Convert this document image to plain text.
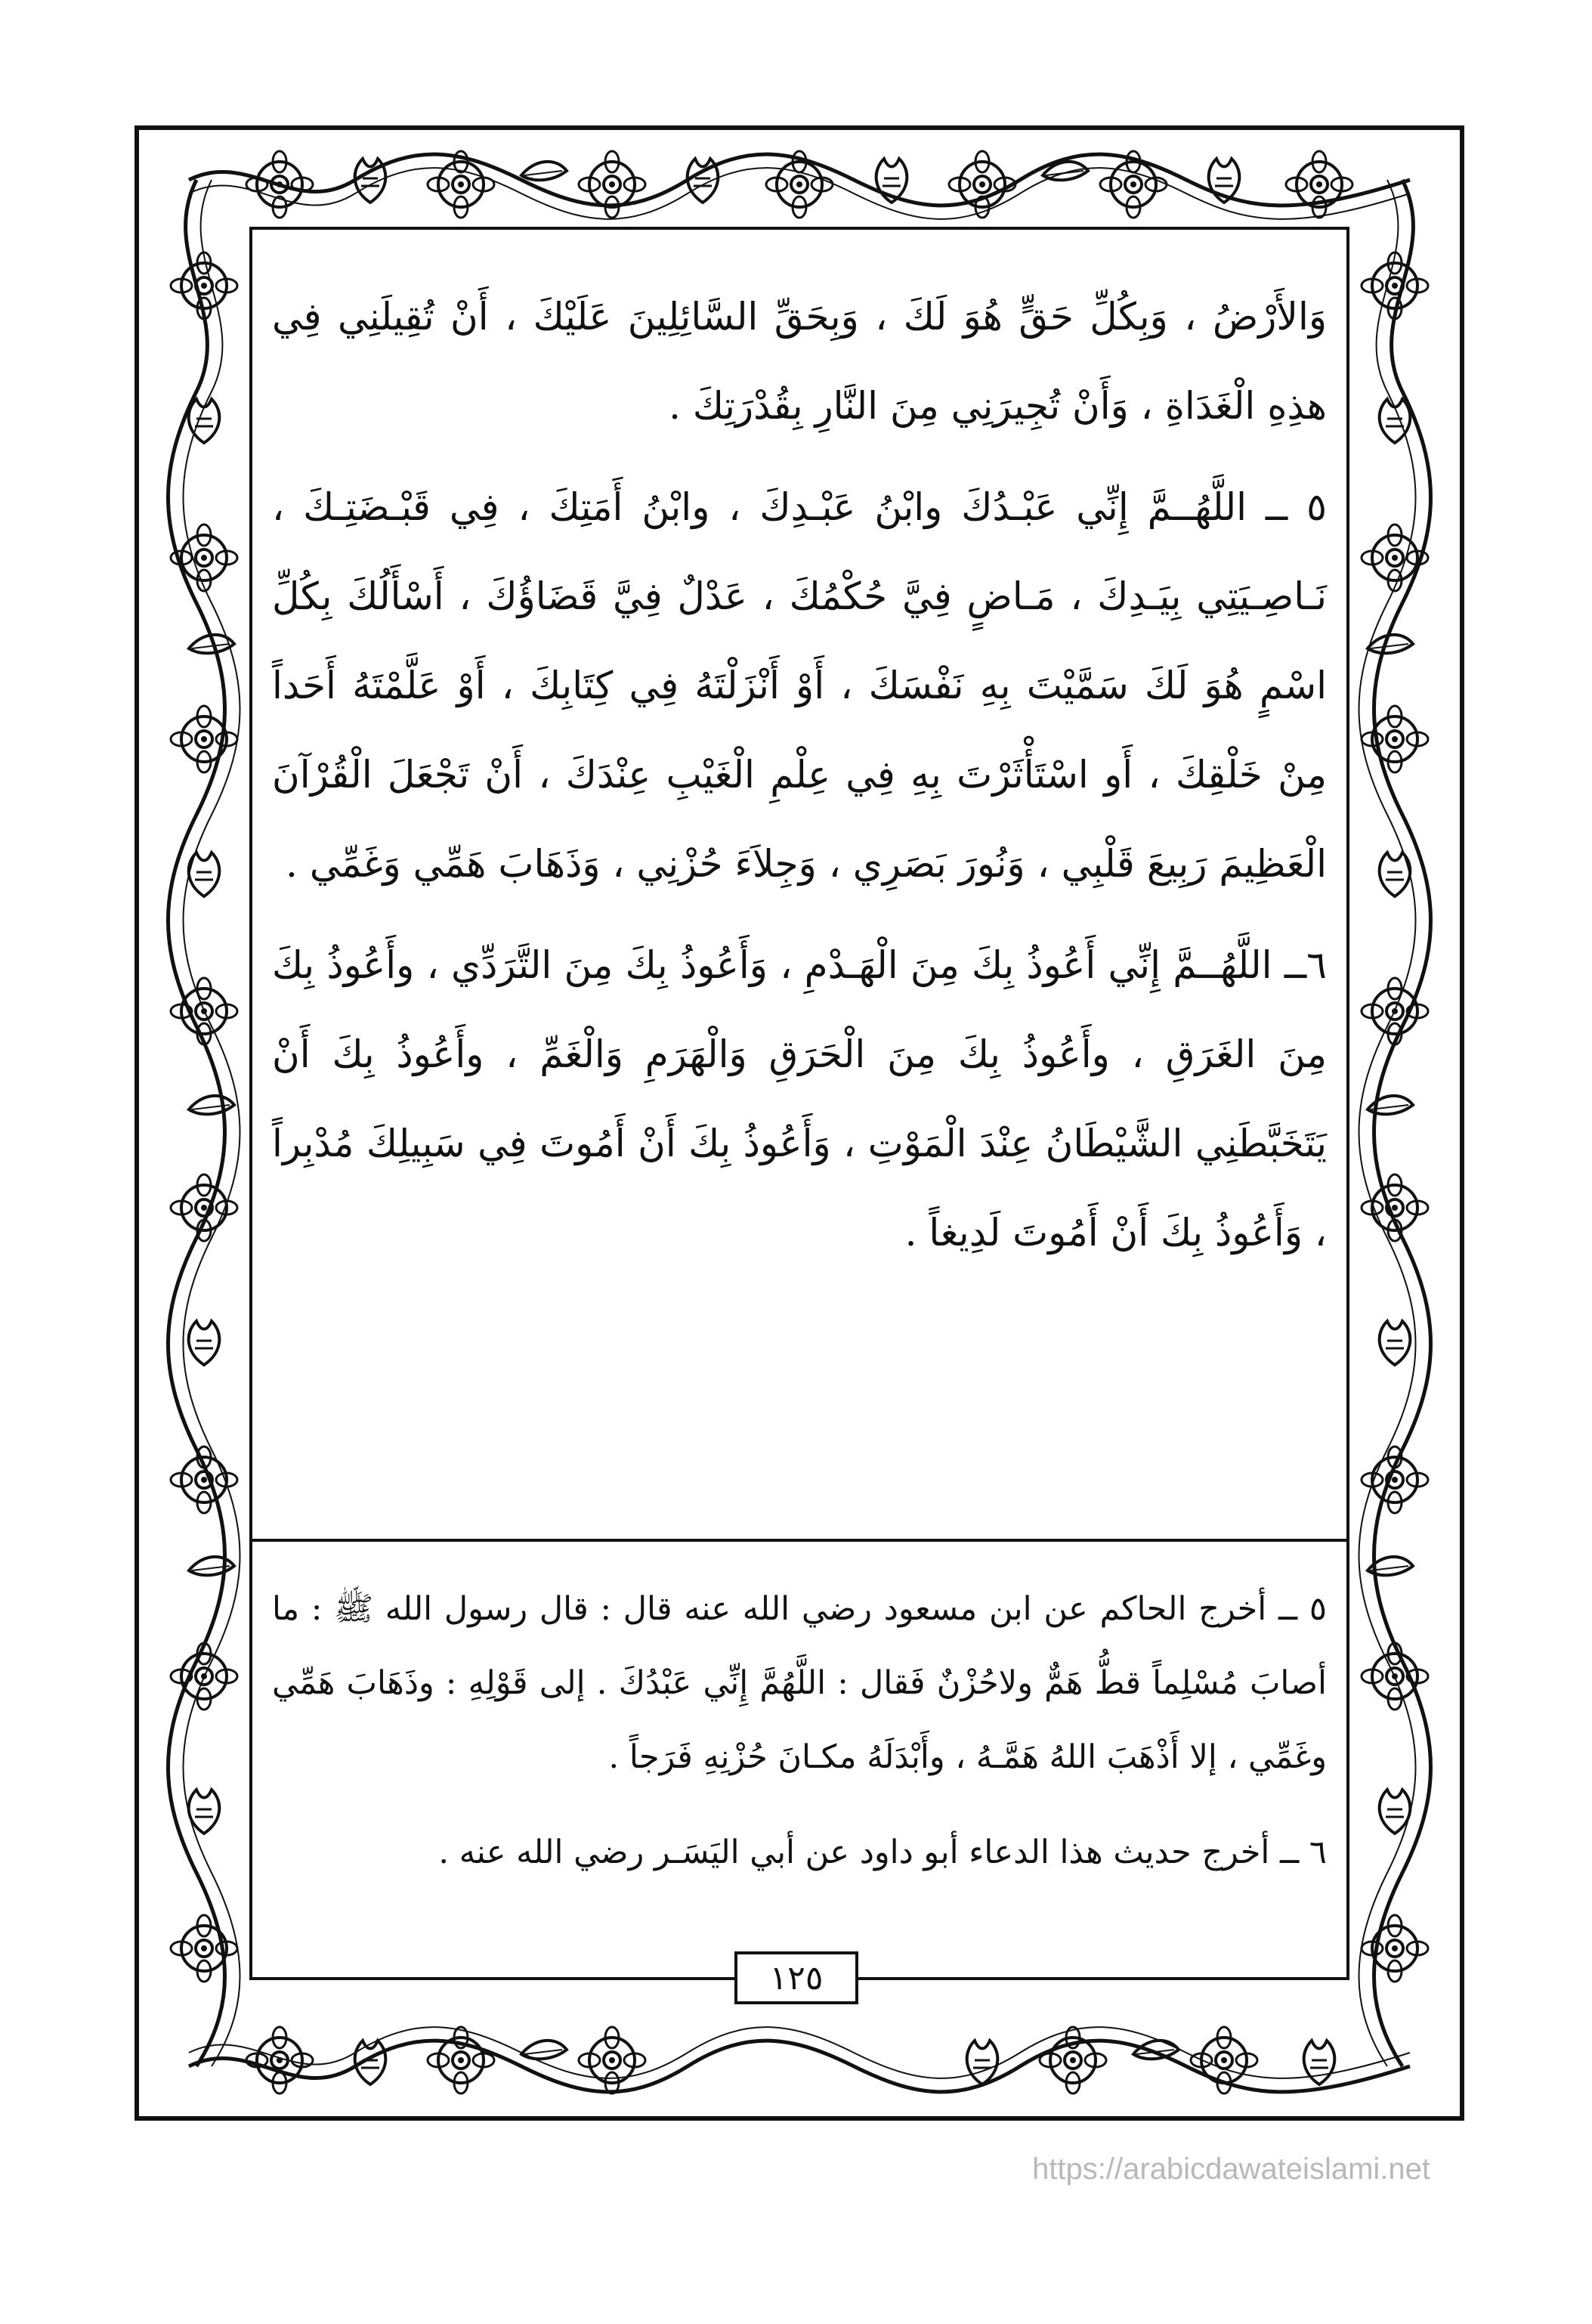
وَالأَرْضُ ، وَبِكُلِّ حَقٍّ هُوَ لَكَ ، وَبِحَقِّ السَّائِلِينَ عَلَيْكَ ، أَنْ تُقِيلَنِي فِي هذِهِ الْغَدَاةِ ، وَأَنْ تُجِيرَنِي مِنَ النَّارِ بِقُدْرَتِكَ .

٥ ــ اللَّهُــمَّ إِنِّي عَبْـدُكَ وابْنُ عَبْـدِكَ ، وابْنُ أَمَتِكَ ، فِي قَبْـضَتِـكَ ، نَـاصِـيَتِي بِيَـدِكَ ، مَـاضٍ فِيَّ حُكْمُكَ ، عَدْلٌ فِيَّ قَضَاؤُكَ ، أَسْأَلُكَ بِكُلِّ اسْمٍ هُوَ لَكَ سَمَّيْتَ بِهِ نَفْسَكَ ، أَوْ أَنْزَلْتَهُ فِي كِتَابِكَ ، أَوْ عَلَّمْتَهُ أَحَداً مِنْ خَلْقِكَ ، أَو اسْتَأْثَرْتَ بِهِ فِي عِلْمِ الْغَيْبِ عِنْدَكَ ، أَنْ تَجْعَلَ الْقُرْآنَ الْعَظِيمَ رَبِيعَ قَلْبِي ، وَنُورَ بَصَرِي ، وَجِلاَءَ حُزْنِي ، وَذَهَابَ هَمِّي وَغَمِّي .

٦ــ اللَّهُــمَّ إِنِّي أَعُوذُ بِكَ مِنَ الْهَـدْمِ ، وَأَعُوذُ بِكَ مِنَ التَّرَدِّي ، وأَعُوذُ بِكَ مِنَ الغَرَقِ ، وأَعُوذُ بِكَ مِنَ الْحَرَقِ وَالْهَرَمِ وَالْغَمِّ ، وأَعُوذُ بِكَ أَنْ يَتَخَبَّطَنِي الشَّيْطَانُ عِنْدَ الْمَوْتِ ، وَأَعُوذُ بِكَ أَنْ أَمُوتَ فِي سَبِيلِكَ مُدْبِراً ، وَأَعُوذُ بِكَ أَنْ أَمُوتَ لَدِيغاً .

٥ ــ أخرج الحاكم عن ابن مسعود رضي الله عنه قال : قال رسول الله ﷺ : ما أصابَ مُسْلِماً قطُّ هَمٌّ ولاحُزْنٌ فَقال : اللَّهُمَّ إِنِّي عَبْدُكَ . إلى قَوْلِهِ : وذَهَابَ هَمِّي وغَمِّي ، إلا أَذْهَبَ اللهُ هَمَّـهُ ، وأَبْدَلَهُ مكـانَ حُزْنِهِ فَرَجاً .

٦ ــ أخرج حديث هذا الدعاء أبو داود عن أبي اليَسَـر رضي الله عنه .

١٢٥
https://arabicdawateislami.net
